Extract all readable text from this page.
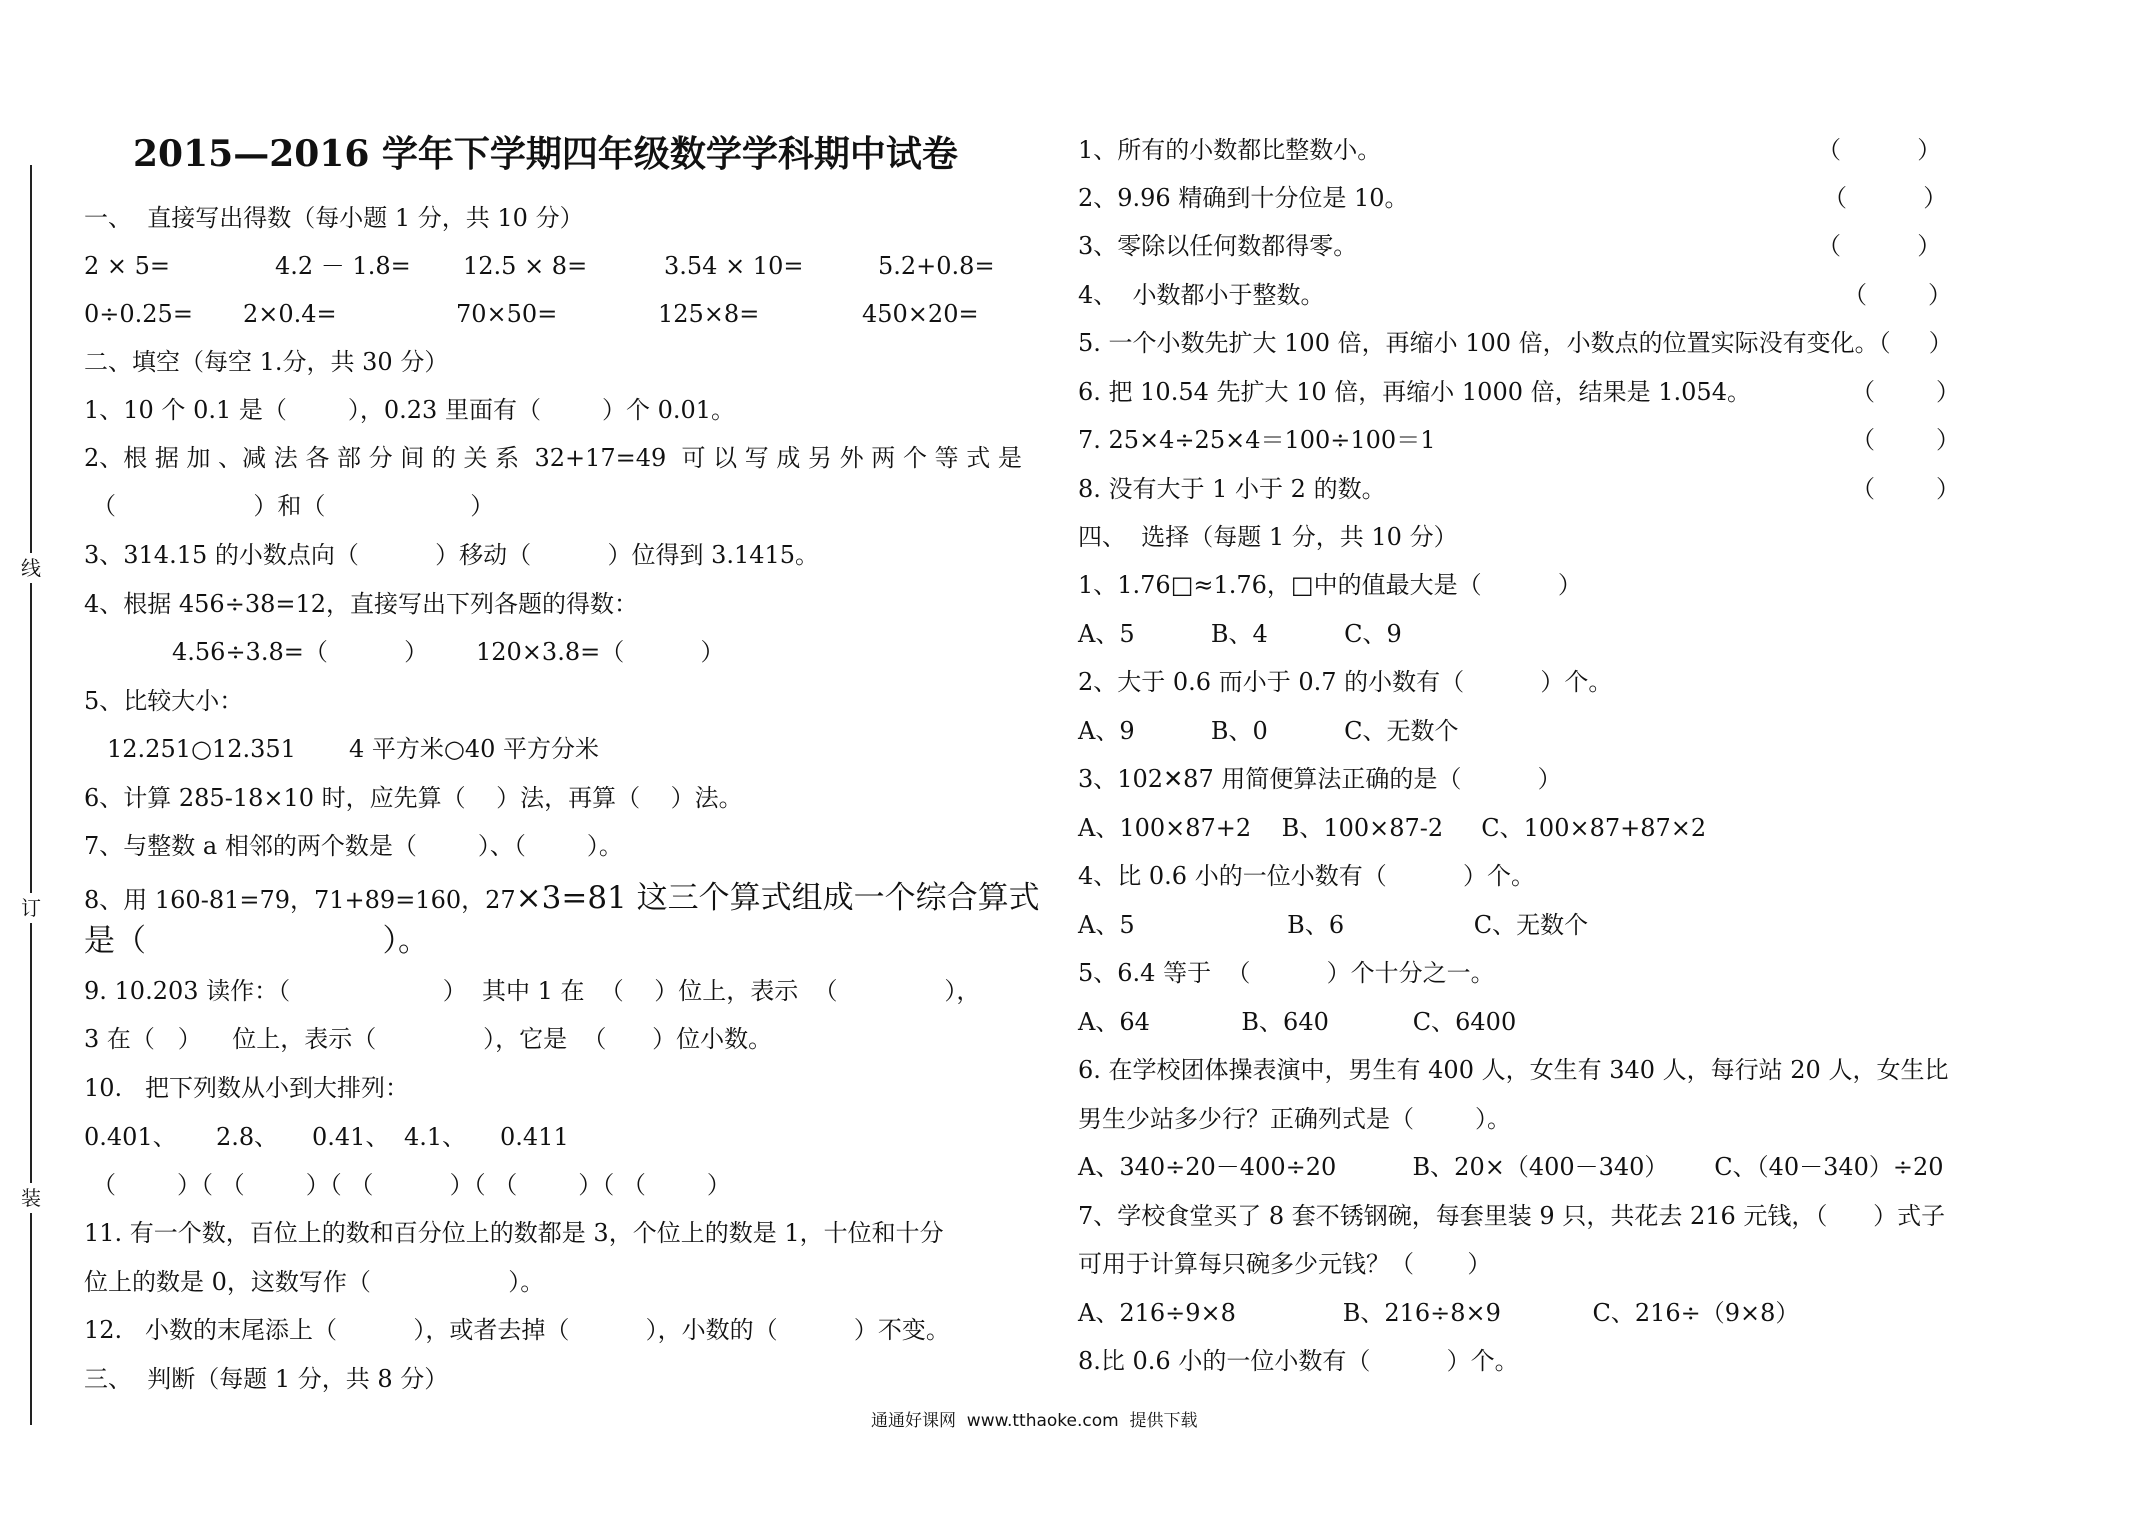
线
订
装
2015—2016 学年下学期四年级数学学科期中试卷
一、  直接写出得数（每小题 1 分，共 10 分）
2 × 5=	4.2 － 1.8= 12.5 × 8=	3.54 × 10=	5.2+0.8=
0÷0.25= 2×0.4=	70×50=	125×8=	450×20=
二、填空（每空 1.分，共 30 分）
1、10 个 0.1 是（        ），0.23 里面有（        ）个 0.01。
2、根 据 加 、减 法 各 部 分 间 的 关 系  32+17=49  可 以 写 成 另 外 两 个 等 式 是
（                  ）和（                   ）
3、314.15 的小数点向（          ）移动（          ）位得到 3.1415。
4、根据 456÷38=12，直接写出下列各题的得数：
4.56÷3.8=（          ） 120×3.8=（          ）
5、比较大小：
12.251○12.351 4 平方米○40 平方分米
6、计算 285-18×10 时，应先算（    ）法，再算（    ）法。
7、与整数 a 相邻的两个数是（        ）、（        ）。
8、用 160-81=79，71+89=160，27×3=81 这三个算式组成一个综合算式
是（                        ）。
9. 10.203 读作：（                    ）  其中 1 在  （    ）位上，表示  （              ），
3 在（   ）    位上，表示（              ），它是  （      ）位小数。
10.   把下列数从小到大排列：
0.401、 2.8、 0.41、 4.1、 0.411
（        ）（ （        ）（ （          ）（ （        ）（ （        ）
11. 有一个数，百位上的数和百分位上的数都是 3，个位上的数是 1，十位和十分
位上的数是 0，这数写作（                  ）。
12.   小数的末尾添上（          ），或者去掉（          ），小数的（          ）不变。
三、  判断（每题 1 分，共 8 分）
1、所有的小数都比整数小。	（          ）
2、9.96 精确到十分位是 10。	（          ）
3、零除以任何数都得零。	（          ）
4、  小数都小于整数。	（        ）
5. 一个小数先扩大 100 倍，再缩小 100 倍，小数点的位置实际没有变化。（     ）
6. 把 10.54 先扩大 10 倍，再缩小 1000 倍，结果是 1.054。	（        ）
7. 25×4÷25×4＝100÷100＝1	（        ）
8. 没有大于 1 小于 2 的数。	（        ）
四、  选择（每题 1 分，共 10 分）
1、1.76□≈1.76，□中的值最大是（          ）
A、5          B、4          C、9
2、大于 0.6 而小于 0.7 的小数有（          ）个。
A、9          B、0          C、无数个
3、102✕87 用简便算法正确的是（          ）
A、100×87+2    B、100×87-2     C、100×87+87×2
4、比 0.6 小的一位小数有（          ）个。
A、5                    B、6                 C、无数个
5、6.4 等于  （          ）个十分之一。
A、64            B、640           C、6400
6. 在学校团体操表演中，男生有 400 人，女生有 340 人，每行站 20 人，女生比
男生少站多少行？正确列式是（        ）。
A、340÷20－400÷20          B、20×（400－340）      C、（40－340）÷20
7、学校食堂买了 8 套不锈钢碗，每套里装 9 只，共花去 216 元钱，（      ）式子
可用于计算每只碗多少元钱？（       ）
A、216÷9×8              B、216÷8×9            C、216÷（9×8）
8.比 0.6 小的一位小数有（          ）个。
通通好课网  www.tthaoke.com  提供下载
